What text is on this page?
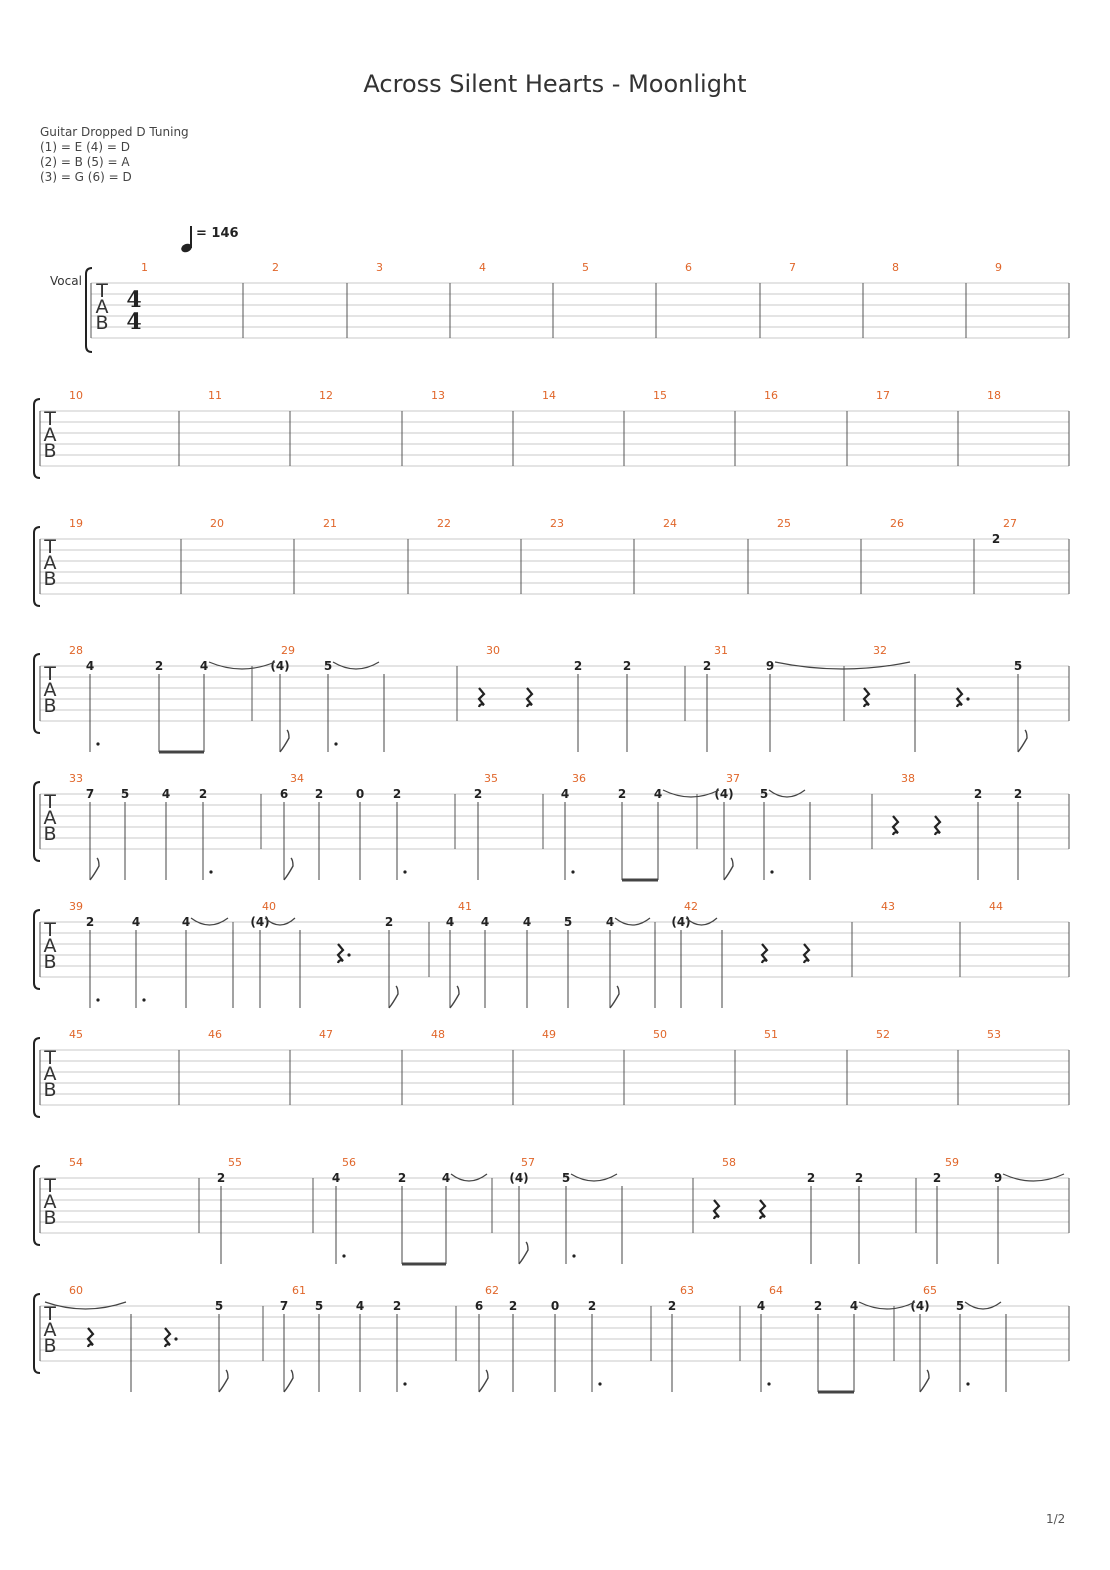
Across Silent Hearts - Moonlight
Guitar Dropped D Tuning
(1) = E (4) = D
(2) = B (5) = A
(3) = G (6) = D
= 146
Vocal T
A
B
1	2	3	4	5	6	7	8	9
T
A
B
10	11	12	13	14	15	16	17	18
T
A
B
19	20	21	22	23	24	25	26	27
T
A
B
28	29	30	31	32
T
A
B
33	34	35	36	37	38
T
A
B
39	40	41	42	43	44
T
A
B
45	46	47	48	49	50	51	52	53
T
A
B
54	55	56	57	58	59
T
A
B
60	61	62	63	64	65
4
4
2
4	2	4	(4)	5	2	2	2	9	5
7 5	4 2	6 2	0 2	2	4	2 4	(4) 5	2	2
2	4	4	(4)	2	4 4	4	5	4	(4)
2	4	2	4	(4)	5	2	2	2	9
5	7 5	4 2	6 2	0 2	2	4	2 4	(4) 5
1/2
